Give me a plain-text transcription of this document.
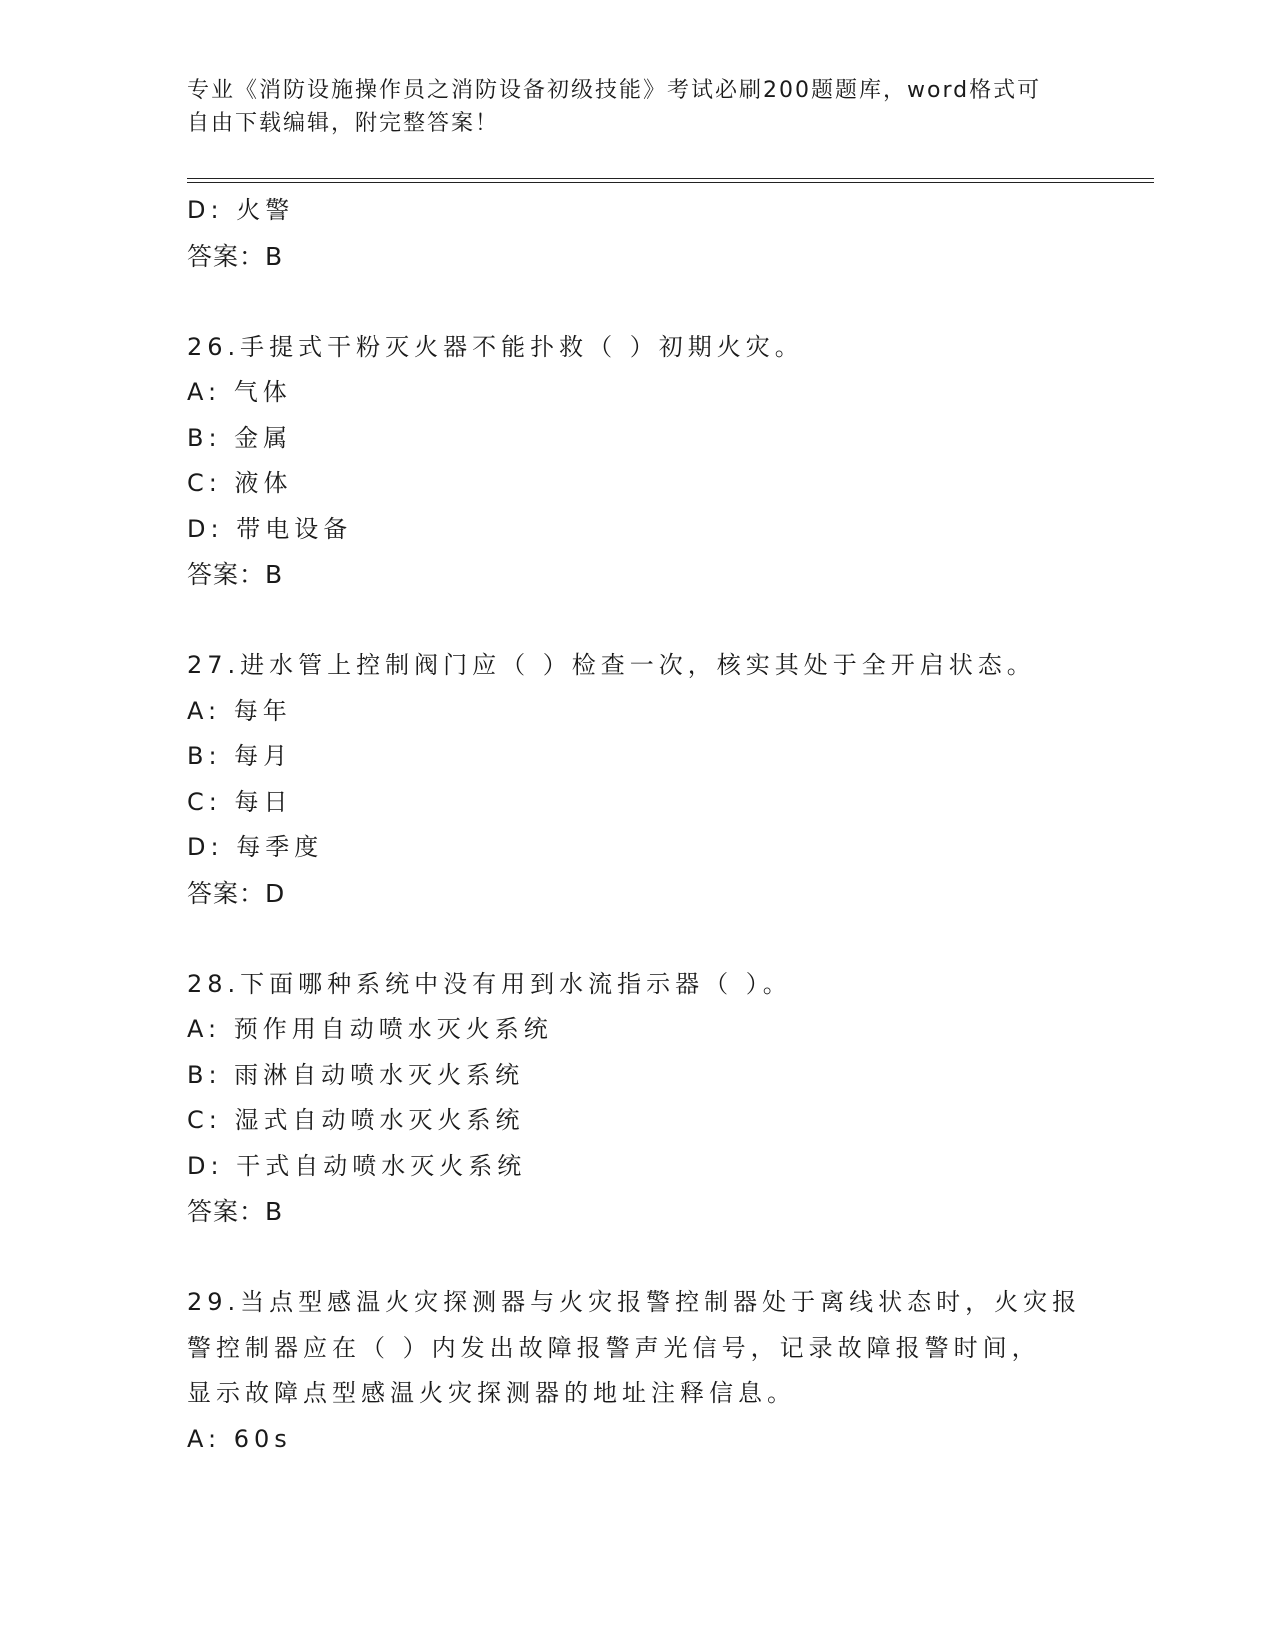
专业《消防设施操作员之消防设备初级技能》考试必刷200题题库，word格式可
自由下载编辑，附完整答案！
D: 火警
答案：B
26.手提式干粉灭火器不能扑救（ ）初期火灾。
A: 气体
B: 金属
C: 液体
D: 带电设备
答案：B
27.进水管上控制阀门应（ ）检查一次，核实其处于全开启状态。
A: 每年
B: 每月
C: 每日
D: 每季度
答案：D
28.下面哪种系统中没有用到水流指示器（ ）。
A: 预作用自动喷水灭火系统
B: 雨淋自动喷水灭火系统
C: 湿式自动喷水灭火系统
D: 干式自动喷水灭火系统
答案：B
29.当点型感温火灾探测器与火灾报警控制器处于离线状态时，火灾报
警控制器应在（ ）内发出故障报警声光信号，记录故障报警时间，
显示故障点型感温火灾探测器的地址注释信息。
A: 60s
